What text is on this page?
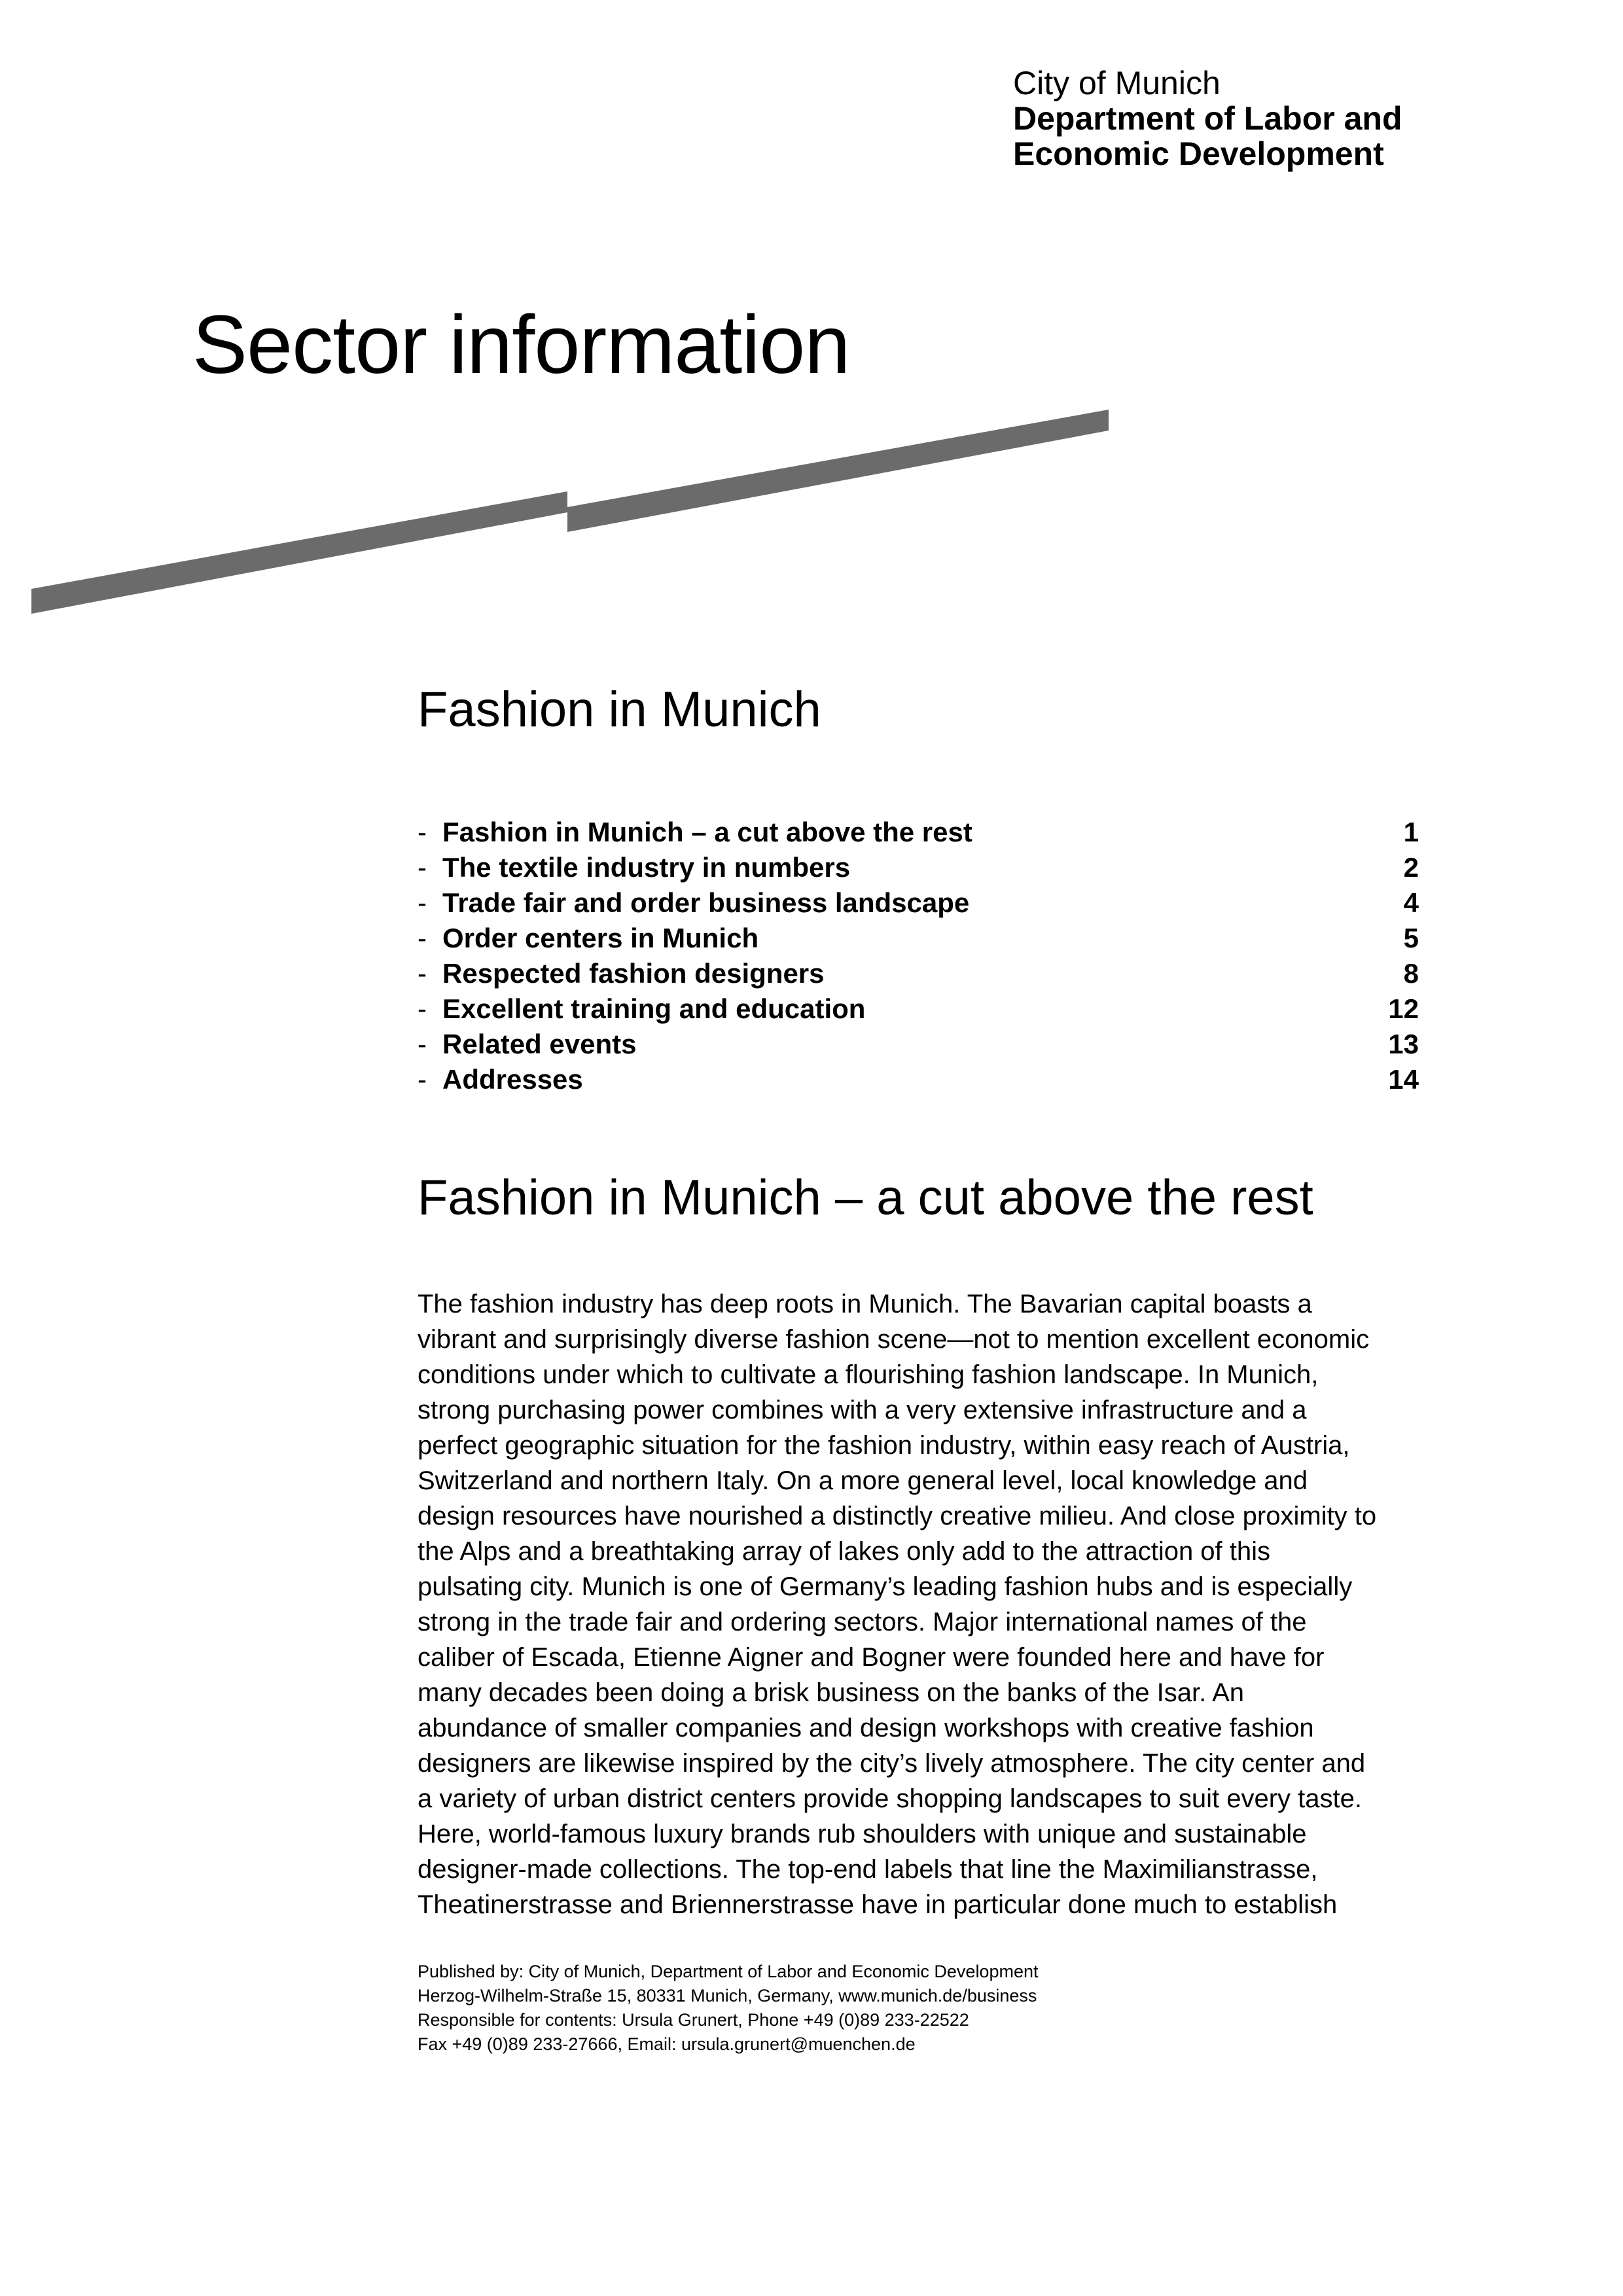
City of Munich
Department of Labor and
Economic Development
Sector information
Fashion in Munich
- Fashion in Munich – a cut above the rest	1
- The textile industry in numbers	2
- Trade fair and order business landscape	4
- Order centers in Munich	5
- Respected fashion designers	8
- Excellent training and education	12
- Related events	13
- Addresses	14
Fashion in Munich – a cut above the rest

The fashion industry has deep roots in Munich. The Bavarian capital boasts a
vibrant and surprisingly diverse fashion scene—not to mention excellent economic
conditions under which to cultivate a flourishing fashion landscape. In Munich,
strong purchasing power combines with a very extensive infrastructure and a
perfect geographic situation for the fashion industry, within easy reach of Austria,
Switzerland and northern Italy. On a more general level, local knowledge and
design resources have nourished a distinctly creative milieu. And close proximity to
the Alps and a breathtaking array of lakes only add to the attraction of this
pulsating city. Munich is one of Germany’s leading fashion hubs and is especially
strong in the trade fair and ordering sectors. Major international names of the
caliber of Escada, Etienne Aigner and Bogner were founded here and have for
many decades been doing a brisk business on the banks of the Isar. An
abundance of smaller companies and design workshops with creative fashion
designers are likewise inspired by the city’s lively atmosphere. The city center and
a variety of urban district centers provide shopping landscapes to suit every taste.
Here, world-famous luxury brands rub shoulders with unique and sustainable
designer-made collections. The top-end labels that line the Maximilianstrasse,
Theatinerstrasse and Briennerstrasse have in particular done much to establish

Published by: City of Munich, Department of Labor and Economic Development
Herzog-Wilhelm-Straße 15, 80331 Munich, Germany, www.munich.de/business
Responsible for contents: Ursula Grunert, Phone +49 (0)89 233-22522
Fax +49 (0)89 233-27666, Email: ursula.grunert@muenchen.de
